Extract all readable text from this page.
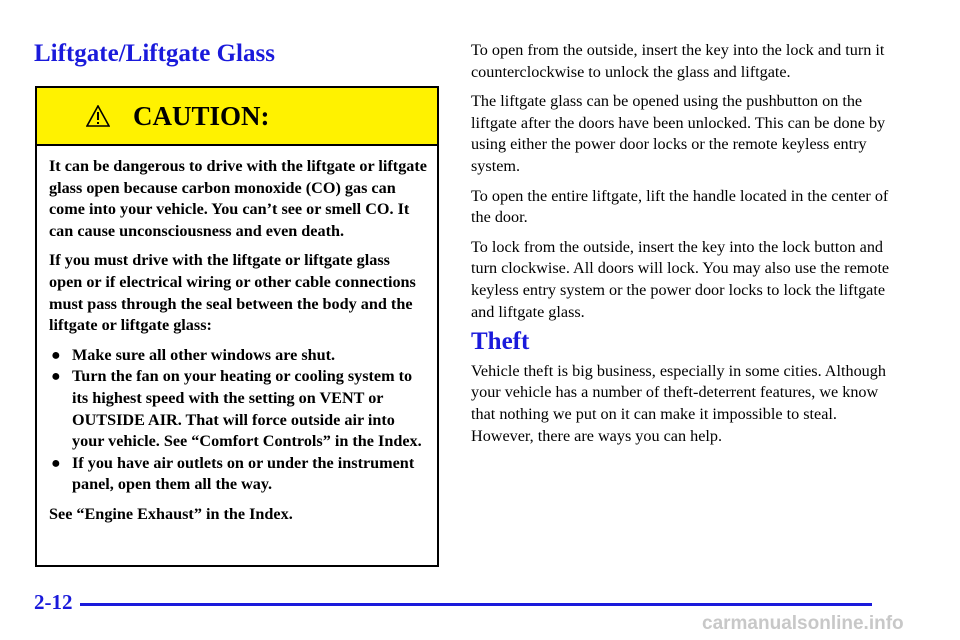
Liftgate/Liftgate Glass
CAUTION:

It can be dangerous to drive with the liftgate or liftgate glass open because carbon monoxide (CO) gas can come into your vehicle. You can’t see or smell CO. It can cause unconsciousness and even death.

If you must drive with the liftgate or liftgate glass open or if electrical wiring or other cable connections must pass through the seal between the body and the liftgate or liftgate glass:

● Make sure all other windows are shut.
● Turn the fan on your heating or cooling system to its highest speed with the setting on VENT or OUTSIDE AIR. That will force outside air into your vehicle. See “Comfort Controls” in the Index.
● If you have air outlets on or under the instrument panel, open them all the way.

See “Engine Exhaust” in the Index.

To open from the outside, insert the key into the lock and turn it counterclockwise to unlock the glass and liftgate.

The liftgate glass can be opened using the pushbutton on the liftgate after the doors have been unlocked. This can be done by using either the power door locks or the remote keyless entry system.

To open the entire liftgate, lift the handle located in the center of the door.

To lock from the outside, insert the key into the lock button and turn clockwise. All doors will lock. You may also use the remote keyless entry system or the power door locks to lock the liftgate and liftgate glass.

Theft

Vehicle theft is big business, especially in some cities. Although your vehicle has a number of theft-deterrent features, we know that nothing we put on it can make it impossible to steal. However, there are ways you can help.

2-12
carmanualsonline.info
